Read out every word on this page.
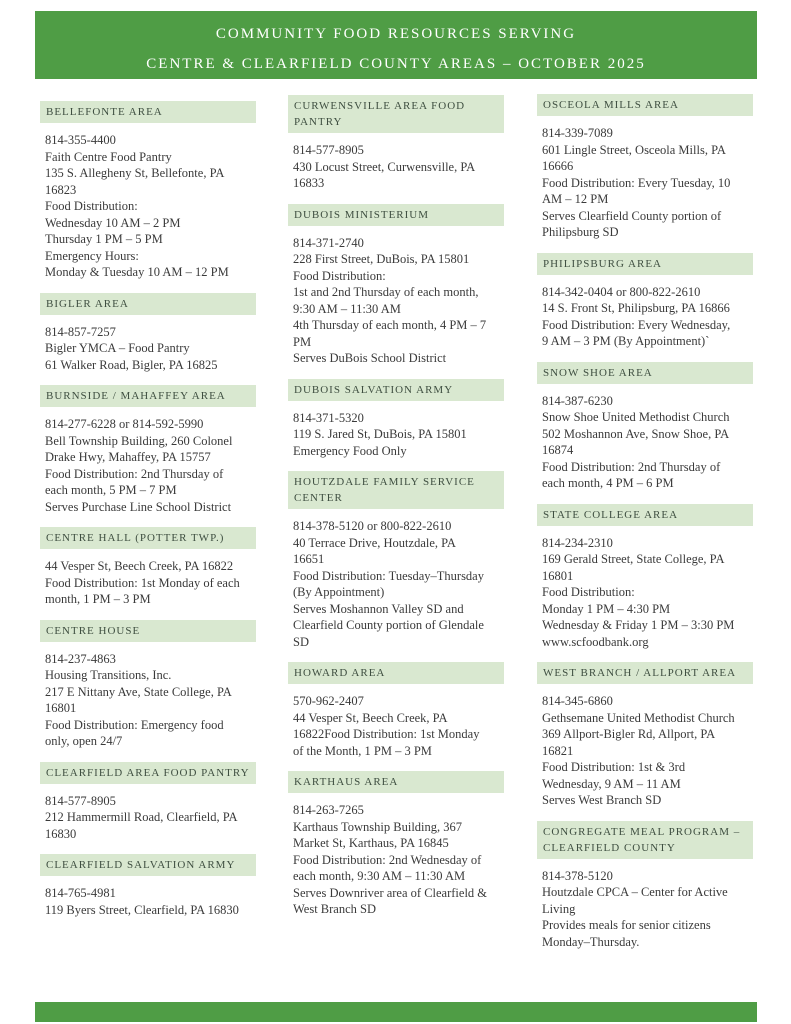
COMMUNITY FOOD RESOURCES SERVING
CENTRE & CLEARFIELD COUNTY AREAS – OCTOBER 2025
BELLEFONTE AREA
814-355-4400
Faith Centre Food Pantry
135 S. Allegheny St, Bellefonte, PA
16823
Food Distribution:
Wednesday 10 AM – 2 PM
Thursday 1 PM – 5 PM
Emergency Hours:
Monday & Tuesday 10 AM – 12 PM
BIGLER AREA
814-857-7257
Bigler YMCA – Food Pantry
61 Walker Road, Bigler, PA 16825
BURNSIDE / MAHAFFEY AREA
814-277-6228 or 814-592-5990
Bell Township Building, 260 Colonel
Drake Hwy, Mahaffey, PA 15757
Food Distribution: 2nd Thursday of
each month, 5 PM – 7 PM
Serves Purchase Line School District
CENTRE HALL (POTTER TWP.)
44 Vesper St, Beech Creek, PA 16822
Food Distribution: 1st Monday of each
month, 1 PM – 3 PM
CENTRE HOUSE
814-237-4863
Housing Transitions, Inc.
217 E Nittany Ave, State College, PA
16801
Food Distribution: Emergency food
only, open 24/7
CLEARFIELD AREA FOOD PANTRY
814-577-8905
212 Hammermill Road, Clearfield, PA
16830
CLEARFIELD SALVATION ARMY
814-765-4981
119 Byers Street, Clearfield, PA 16830
CURWENSVILLE AREA FOOD PANTRY
814-577-8905
430 Locust Street, Curwensville, PA
16833
DUBOIS MINISTERIUM
814-371-2740
228 First Street, DuBois, PA 15801
Food Distribution:
1st and 2nd Thursday of each month,
9:30 AM – 11:30 AM
4th Thursday of each month, 4 PM – 7
PM
Serves DuBois School District
DUBOIS SALVATION ARMY
814-371-5320
119 S. Jared St, DuBois, PA 15801
Emergency Food Only
HOUTZDALE FAMILY SERVICE CENTER
814-378-5120 or 800-822-2610
40 Terrace Drive, Houtzdale, PA
16651
Food Distribution: Tuesday–Thursday
(By Appointment)
Serves Moshannon Valley SD and
Clearfield County portion of Glendale
SD
HOWARD AREA
570-962-2407
44 Vesper St, Beech Creek, PA
16822Food Distribution: 1st Monday
of the Month, 1 PM – 3 PM
KARTHAUS AREA
814-263-7265
Karthaus Township Building, 367
Market St, Karthaus, PA 16845
Food Distribution: 2nd Wednesday of
each month, 9:30 AM – 11:30 AM
Serves Downriver area of Clearfield &
West Branch SD
OSCEOLA MILLS AREA
814-339-7089
601 Lingle Street, Osceola Mills, PA
16666
Food Distribution: Every Tuesday, 10
AM – 12 PM
Serves Clearfield County portion of
Philipsburg SD
PHILIPSBURG AREA
814-342-0404 or 800-822-2610
14 S. Front St, Philipsburg, PA 16866
Food Distribution: Every Wednesday,
9 AM – 3 PM (By Appointment)`
SNOW SHOE AREA
814-387-6230
Snow Shoe United Methodist Church
502 Moshannon Ave, Snow Shoe, PA
16874
Food Distribution: 2nd Thursday of
each month, 4 PM – 6 PM
STATE COLLEGE AREA
814-234-2310
169 Gerald Street, State College, PA
16801
Food Distribution:
Monday 1 PM – 4:30 PM
Wednesday & Friday 1 PM – 3:30 PM
www.scfoodbank.org
WEST BRANCH / ALLPORT AREA
814-345-6860
Gethsemane United Methodist Church
369 Allport-Bigler Rd, Allport, PA
16821
Food Distribution: 1st & 3rd
Wednesday, 9 AM – 11 AM
Serves West Branch SD
CONGREGATE MEAL PROGRAM – CLEARFIELD COUNTY
814-378-5120
Houtzdale CPCA – Center for Active
Living
Provides meals for senior citizens
Monday–Thursday.
